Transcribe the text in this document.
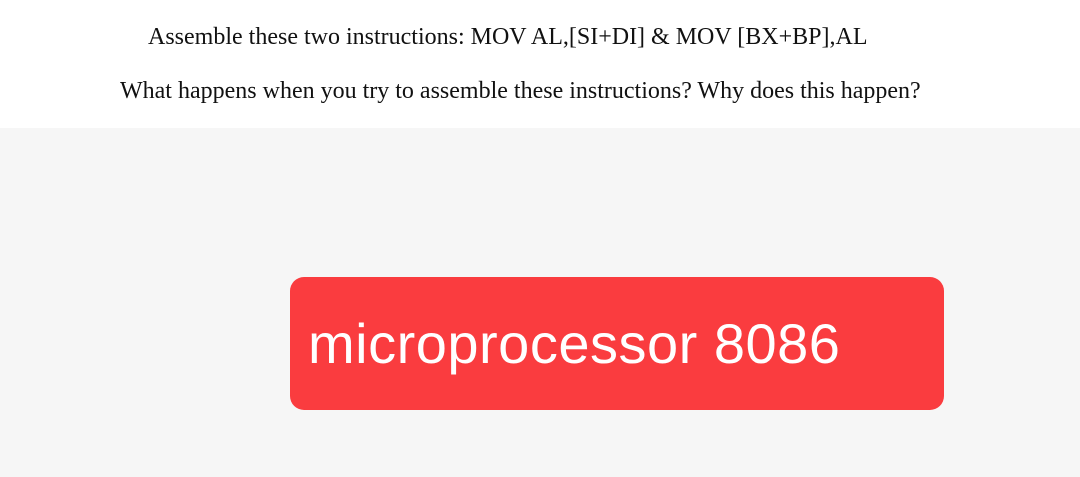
Assemble these two instructions: MOV AL,[SI+DI] & MOV [BX+BP],AL

What happens when you try to assemble these instructions? Why does this happen?

microprocessor 8086
